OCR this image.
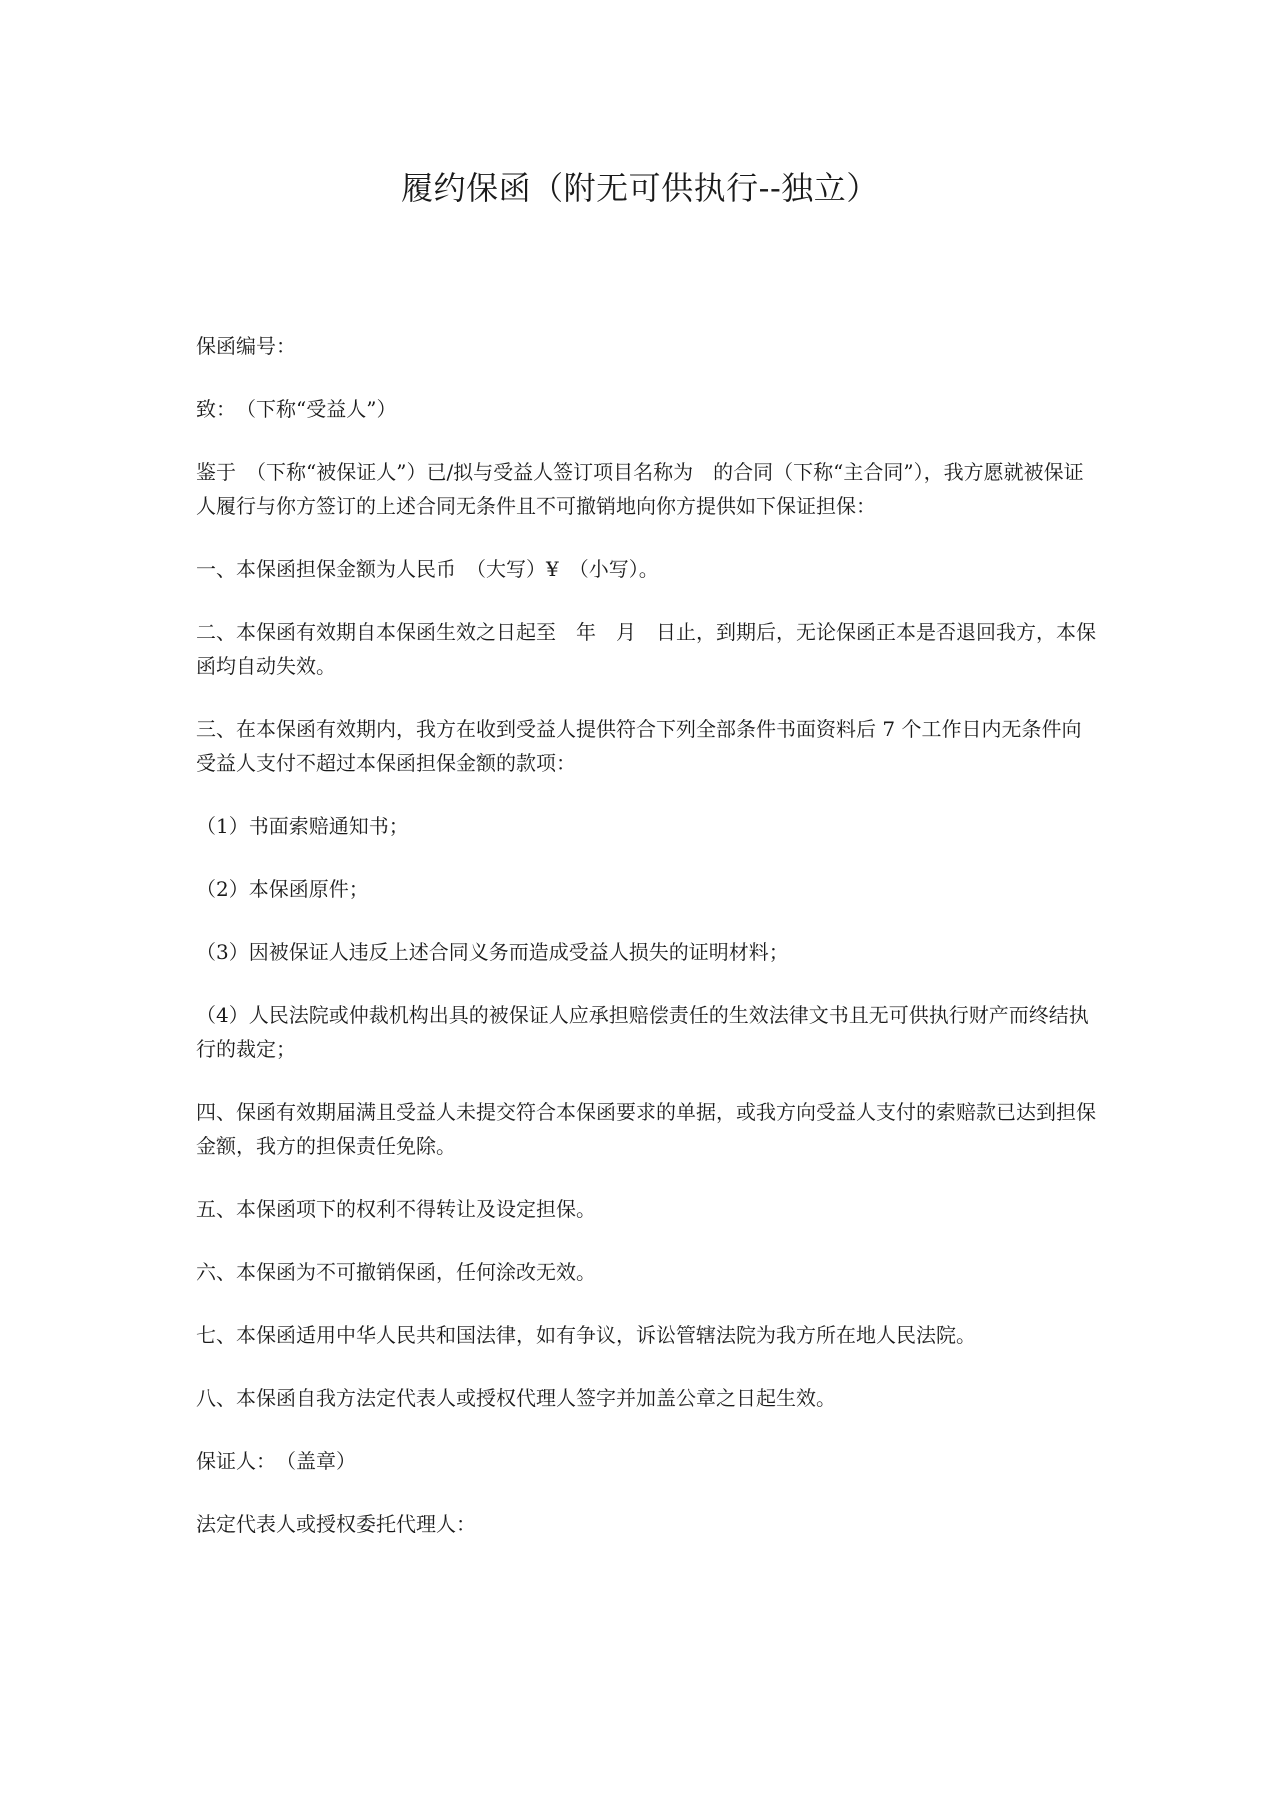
履约保函（附无可供执行--独立）

保函编号：

致：　（下称“受益人”）

鉴于　（下称“被保证人”）已/拟与受益人签订项目名称为　的合同（下称“主合同”），我方愿就被保证人履行与你方签订的上述合同无条件且不可撤销地向你方提供如下保证担保：

一、本保函担保金额为人民币　（大写）¥　（小写）。

二、本保函有效期自本保函生效之日起至　年　月　日止，到期后，无论保函正本是否退回我方，本保函均自动失效。

三、在本保函有效期内，我方在收到受益人提供符合下列全部条件书面资料后 7 个工作日内无条件向受益人支付不超过本保函担保金额的款项：

（1）书面索赔通知书；

（2）本保函原件；

（3）因被保证人违反上述合同义务而造成受益人损失的证明材料；

（4）人民法院或仲裁机构出具的被保证人应承担赔偿责任的生效法律文书且无可供执行财产而终结执行的裁定；

四、保函有效期届满且受益人未提交符合本保函要求的单据，或我方向受益人支付的索赔款已达到担保金额，我方的担保责任免除。

五、本保函项下的权利不得转让及设定担保。

六、本保函为不可撤销保函，任何涂改无效。

七、本保函适用中华人民共和国法律，如有争议，诉讼管辖法院为我方所在地人民法院。

八、本保函自我方法定代表人或授权代理人签字并加盖公章之日起生效。

保证人：　（盖章）

法定代表人或授权委托代理人：
